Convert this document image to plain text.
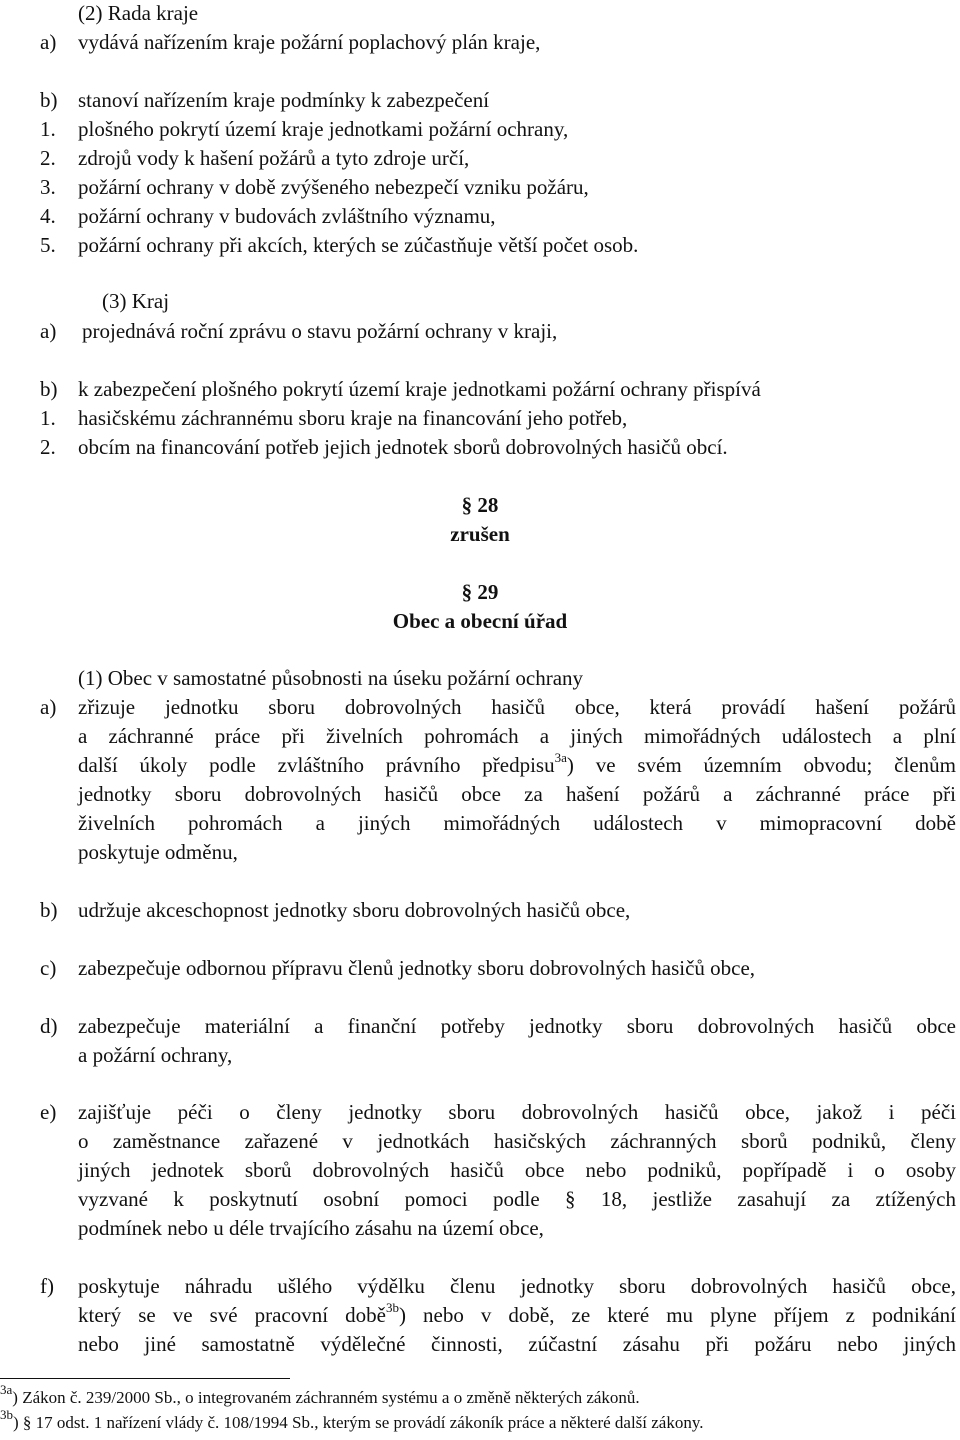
(2) Rada kraje
a) vydává nařízením kraje požární poplachový plán kraje,
b) stanoví nařízením kraje podmínky k zabezpečení
1. plošného pokrytí území kraje jednotkami požární ochrany,
2. zdrojů vody k hašení požárů a tyto zdroje určí,
3. požární ochrany v době zvýšeného nebezpečí vzniku požáru,
4. požární ochrany v budovách zvláštního významu,
5. požární ochrany při akcích, kterých se zúčastňuje větší počet osob.
(3) Kraj
a) projednává roční zprávu o stavu požární ochrany v kraji,
b) k zabezpečení plošného pokrytí území kraje jednotkami požární ochrany přispívá
1. hasičskému záchrannému sboru kraje na financování jeho potřeb,
2. obcím na financování potřeb jejich jednotek sborů dobrovolných hasičů obcí.
§ 28
zrušen
§ 29
Obec a obecní úřad
(1) Obec v samostatné působnosti na úseku požární ochrany
a) zřizuje jednotku sboru dobrovolných hasičů obce, která provádí hašení požárů
a záchranné práce při živelních pohromách a jiných mimořádných událostech a plní
další úkoly podle zvláštního právního předpisu$^{3a}$) ve svém územním obvodu; členům
jednotky sboru dobrovolných hasičů obce za hašení požárů a záchranné práce při
živelních pohromách a jiných mimořádných událostech v mimopracovní době
poskytuje odměnu,
b) udržuje akceschopnost jednotky sboru dobrovolných hasičů obce,
c) zabezpečuje odbornou přípravu členů jednotky sboru dobrovolných hasičů obce,
d) zabezpečuje materiální a finanční potřeby jednotky sboru dobrovolných hasičů obce
a požární ochrany,
e) zajišťuje péči o členy jednotky sboru dobrovolných hasičů obce, jakož i péči
o zaměstnance zařazené v jednotkách hasičských záchranných sborů podniků, členy
jiných jednotek sborů dobrovolných hasičů obce nebo podniků, popřípadě i o osoby
vyzvané k poskytnutí osobní pomoci podle § 18, jestliže zasahují za ztížených
podmínek nebo u déle trvajícího zásahu na území obce,
f) poskytuje náhradu ušlého výdělku členu jednotky sboru dobrovolných hasičů obce,
který se ve své pracovní době$^{3b}$) nebo v době, ze které mu plyne příjem z podnikání
nebo jiné samostatně výdělečné činnosti, zúčastní zásahu při požáru nebo jiných
$^{3a}$) Zákon č. 239/2000 Sb., o integrovaném záchranném systému a o změně některých zákonů.
$^{3b}$) § 17 odst. 1 nařízení vlády č. 108/1994 Sb., kterým se provádí zákoník práce a některé další zákony.
